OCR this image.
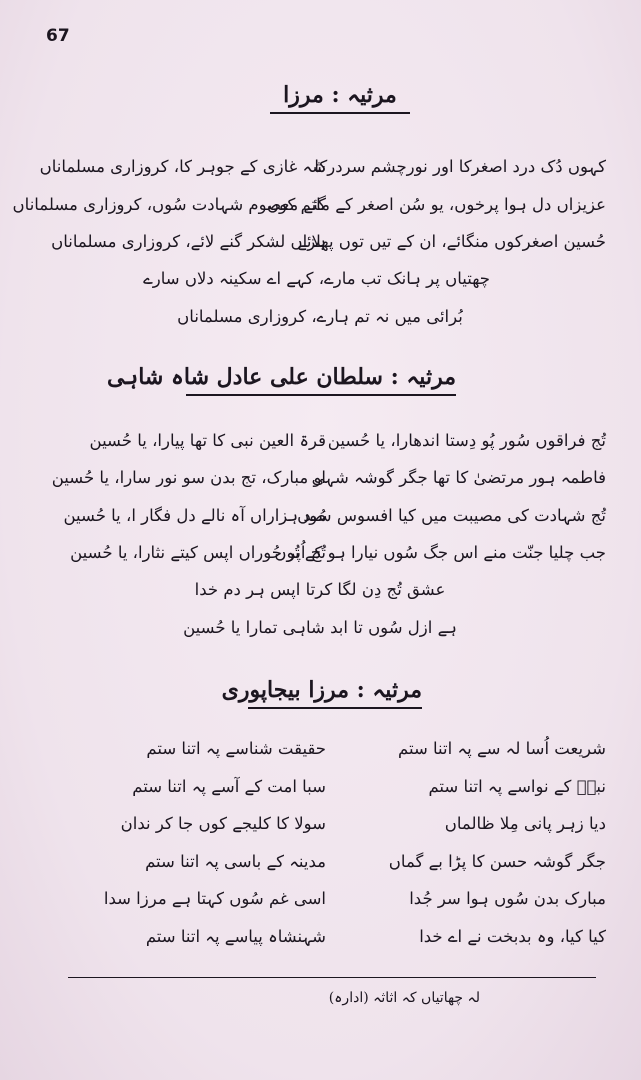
67
مرثیہ : مرزا
کہوں دُک درد اصغرکا اور نورچشم سردرکا
شہ غازی کے جوہر کا، کروزاری مسلماناں
عزیزاں دل ہوا پرخوں، یو سُن اصغر کے ماتم کوں
گئے معصوم شہادت سُوں، کروزاری مسلماناں
حُسین اصغرکوں منگائے، ان کے تیں توں پھلائے
ہزاں لشکر گنے لائے، کروزاری مسلماناں
چھتیاں پر ہانک تب مارے، کہے اے سکینہ دلاں سارے
بُرائی میں نہ تم ہارے، کروزاری مسلماناں
مرثیہ : سلطان علی عادل شاہ شاہی
تُج فراقوں سُور پُو دِستا اندھارا، یا حُسین
قرۃ العین نبی کا تھا پیارا، یا حُسین
فاطمہ ہور مرتضیٰ کا تھا جگر گوشہ شہی
او مبارک، تج بدن سو نور سارا، یا حُسین
تُج شہادت کی مصیبت میں کیا افسوس سُوں
صد ہزاراں آہ نالے دل فگار ا، یا حُسین
جب چلیا جنّت منے اس جگ سُوں نیارا ہو کے تُوں
تُج اُپر حُوراں اپس کیتے نثارا، یا حُسین
عشق تُج دِن لگا کرتا اپس ہر دم خدا
ہے ازل سُوں تا ابد شاہی تمارا یا حُسین
مرثیہ : مرزا بیجاپوری
شریعت اُسا لہ سے پہ اتنا ستم
حقیقت شناسے پہ اتنا ستم
نبیؐ کے نواسے پہ اتنا ستم
سبا امت کے آسے پہ اتنا ستم
دیا زہر پانی مِلا ظالماں
سولا کا کلیجے کوں جا کر ندان
جگر گوشہ حسن کا پڑا بے گماں
مدینہ کے باسی پہ اتنا ستم
مبارک بدن سُوں ہوا سر جُدا
اسی غم سُوں کہتا ہے مرزا سدا
کیا کیا، وہ بدبخت نے اے خدا
شہنشاہ پیاسے پہ اتنا ستم
لہ چھاتیاں کہ اثاثہ (ادارہ)
